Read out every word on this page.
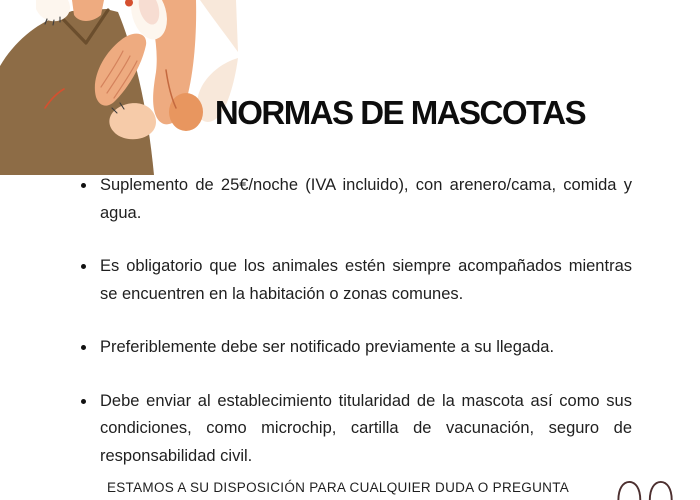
NORMAS DE MASCOTAS
Suplemento de 25€/noche (IVA incluido), con arenero/cama, comida y agua.
Es obligatorio que los animales estén siempre acompañados mientras se encuentren en la habitación o zonas comunes.
Preferiblemente debe ser notificado previamente a su llegada.
Debe enviar al establecimiento titularidad de la mascota así como sus condiciones, como microchip, cartilla de vacunación, seguro de responsabilidad civil.
ESTAMOS A SU DISPOSICIÓN PARA CUALQUIER DUDA O PREGUNTA
